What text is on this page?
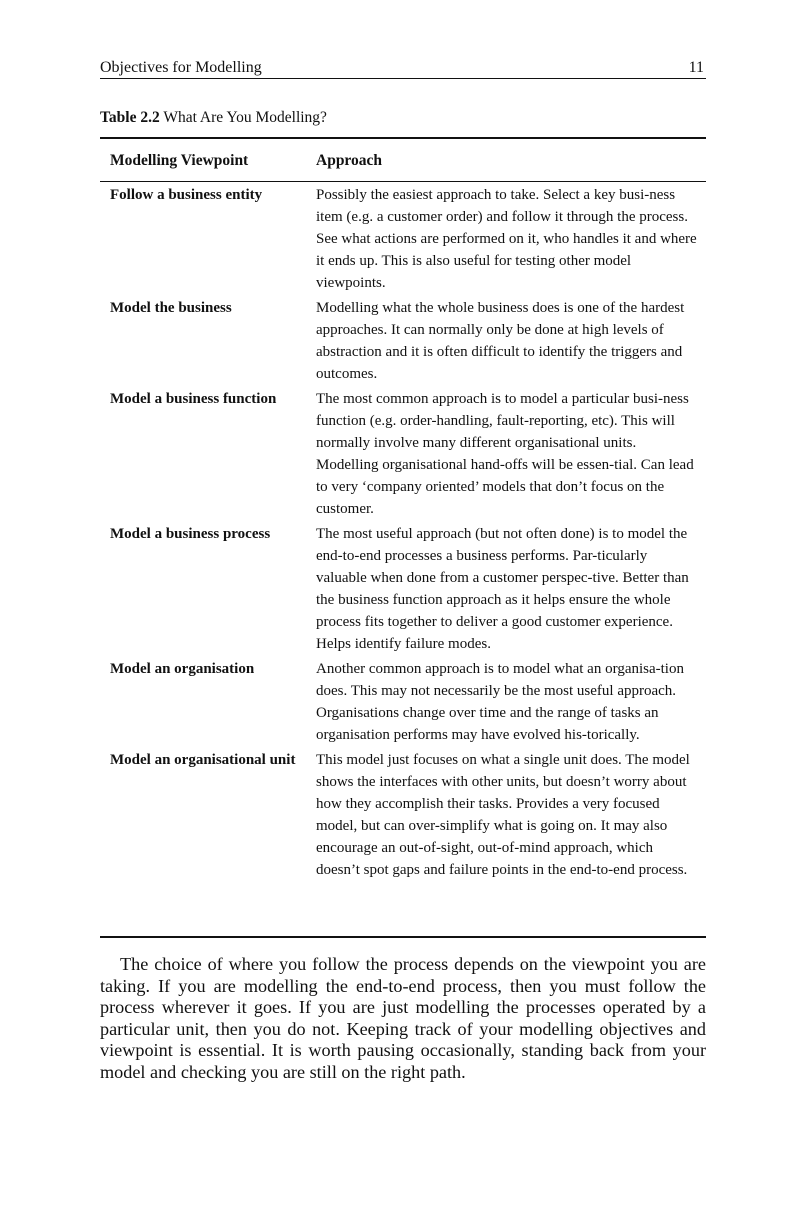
Objectives for Modelling	11
Table 2.2 What Are You Modelling?
Modelling Viewpoint	Approach
Follow a business entity	Possibly the easiest approach to take. Select a key busi-ness item (e.g. a customer order) and follow it through the process. See what actions are performed on it, who handles it and where it ends up. This is also useful for testing other model viewpoints.
Model the business	Modelling what the whole business does is one of the hardest approaches. It can normally only be done at high levels of abstraction and it is often difficult to identify the triggers and outcomes.
Model a business function	The most common approach is to model a particular busi-ness function (e.g. order-handling, fault-reporting, etc). This will normally involve many different organisational units. Modelling organisational hand-offs will be essen-tial. Can lead to very ‘company oriented’ models that don’t focus on the customer.
Model a business process	The most useful approach (but not often done) is to model the end-to-end processes a business performs. Par-ticularly valuable when done from a customer perspec-tive. Better than the business function approach as it helps ensure the whole process fits together to deliver a good customer experience. Helps identify failure modes.
Model an organisation	Another common approach is to model what an organisa-tion does. This may not necessarily be the most useful approach. Organisations change over time and the range of tasks an organisation performs may have evolved his-torically.
Model an organisational unit	This model just focuses on what a single unit does. The model shows the interfaces with other units, but doesn’t worry about how they accomplish their tasks. Provides a very focused model, but can over-simplify what is going on. It may also encourage an out-of-sight, out-of-mind approach, which doesn’t spot gaps and failure points in the end-to-end process.

The choice of where you follow the process depends on the viewpoint you are taking. If you are modelling the end-to-end process, then you must follow the process wherever it goes. If you are just modelling the processes operated by a particular unit, then you do not. Keeping track of your modelling objectives and viewpoint is essential. It is worth pausing occasionally, standing back from your model and checking you are still on the right path.
